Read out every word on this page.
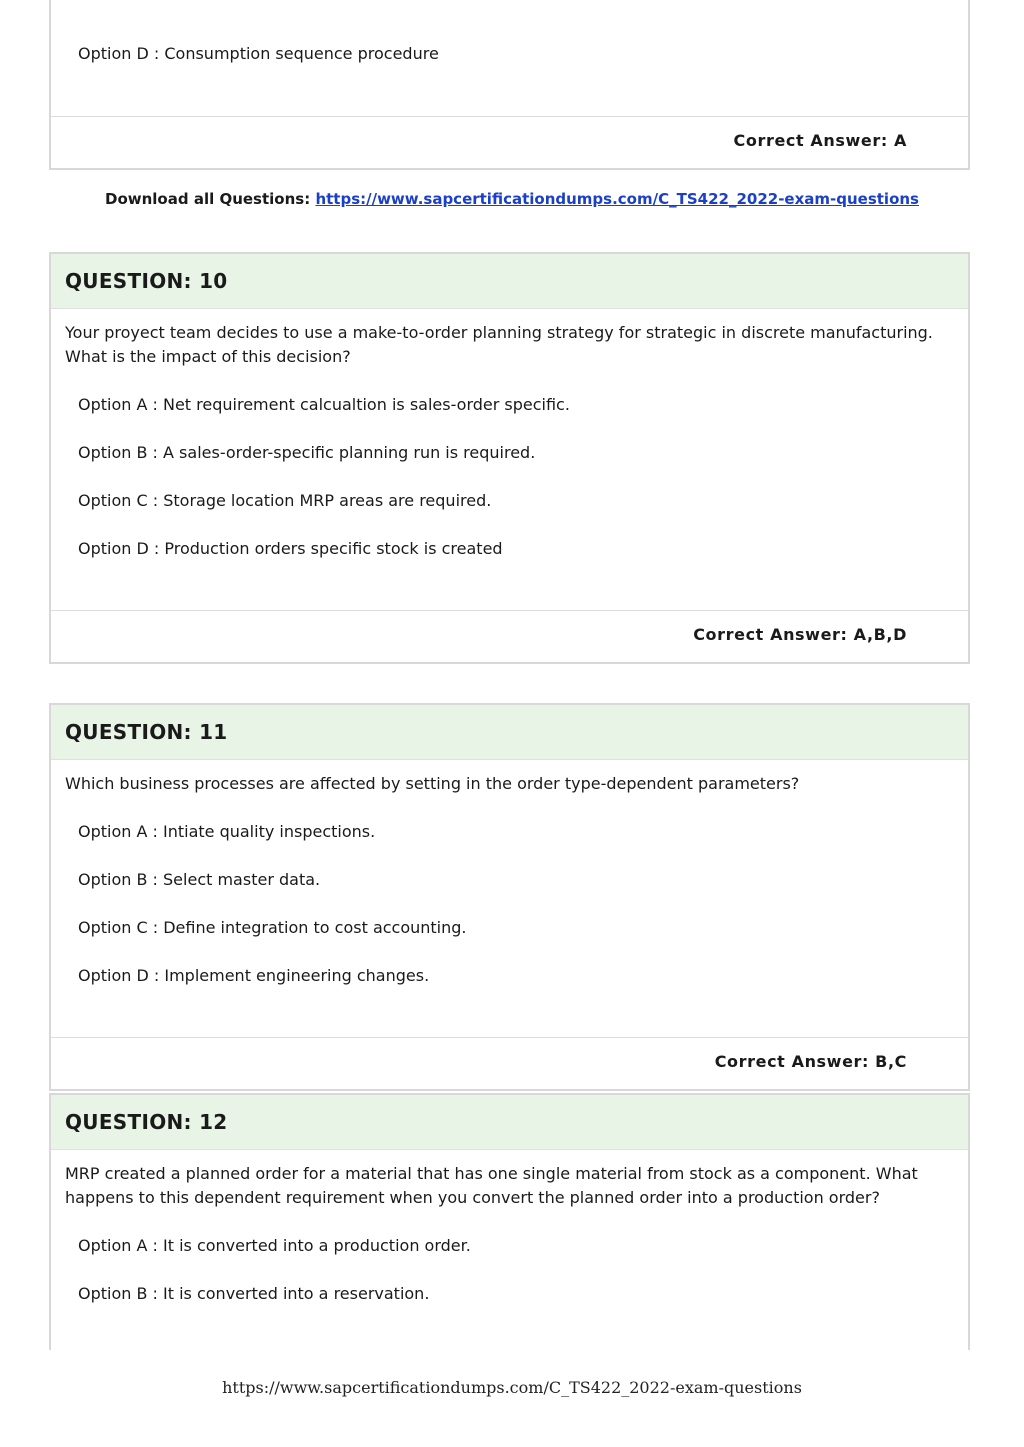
Option D : Consumption sequence procedure
Correct Answer: A
Download all Questions: https://www.sapcertificationdumps.com/C_TS422_2022-exam-questions
QUESTION: 10
Your proyect team decides to use a make-to-order planning strategy for strategic in discrete manufacturing. What is the impact of this decision?
Option A : Net requirement calcualtion is sales-order specific.
Option B : A sales-order-specific planning run is required.
Option C : Storage location MRP areas are required.
Option D : Production orders specific stock is created
Correct Answer: A,B,D
QUESTION: 11
Which business processes are affected by setting in the order type-dependent parameters?
Option A : Intiate quality inspections.
Option B : Select master data.
Option C : Define integration to cost accounting.
Option D : Implement engineering changes.
Correct Answer: B,C
QUESTION: 12
MRP created a planned order for a material that has one single material from stock as a component. What happens to this dependent requirement when you convert the planned order into a production order?
Option A : It is converted into a production order.
Option B : It is converted into a reservation.
https://www.sapcertificationdumps.com/C_TS422_2022-exam-questions
